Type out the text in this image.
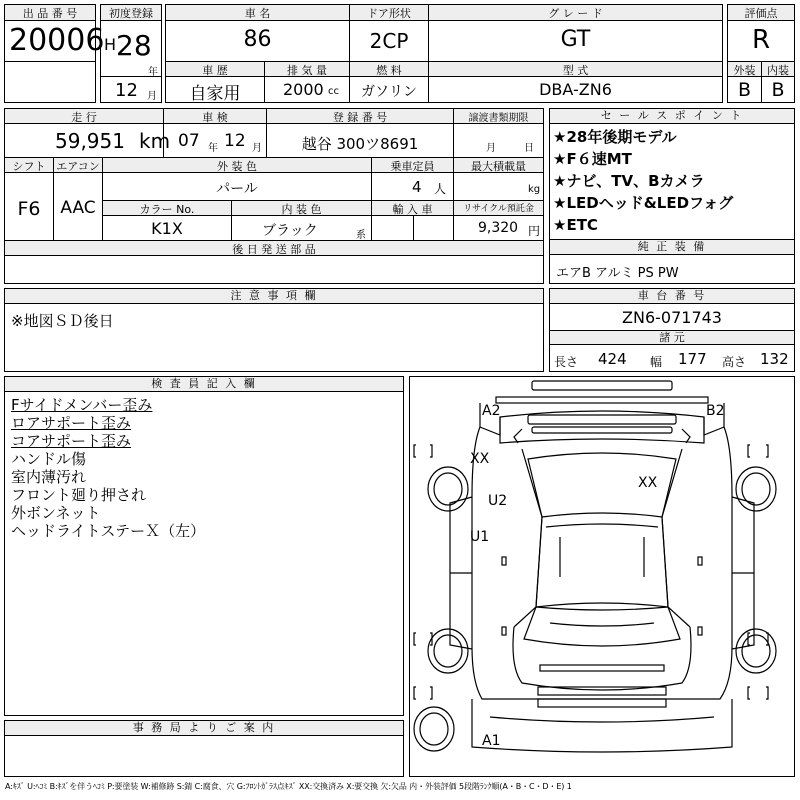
出 品 番 号
20006
初度登録
H 28
年
12 月
車 名
86
ドア形状
2CP
グ レ ー ド
GT
評価点
R
車 歴
自家用
排 気 量
2000 cc
燃 料
ガソリン
型 式
DBA-ZN6
外装
B
内装
B
走 行
59,951 km
車 検
07 年 12 月
登 録 番 号
越谷 300ツ8691
譲渡書類期限
月	日
シフト
F6
エアコン
AAC
外 装 色
パール
乗車定員
4 人
最大積載量
kg
カラー No.
K1X
内 装 色
ブラック	系
輸 入 車	リサイクル預託金
9,320 円
後 日 発 送 部 品
セ ー ル ス ポ イ ン ト
★28年後期モデル
★F６速MT
★ナビ、TV、Bカメラ
★LEDヘッド&LEDフォグ
★ETC
純 正 装 備
エアB アルミ PS PW
注 意 事 項 欄
※地図ＳＤ後日
車 台 番 号
ZN6-071743
諸 元
長さ 424 幅 177 高さ 132
検 査 員 記 入 欄
Fサイドメンバー歪み
ロアサポート歪み
コアサポート歪み
ハンドル傷
室内薄汚れ
フロント廻り押され
外ボンネット
ヘッドライトステーＸ（左）
事 務 局 よ り ご 案 内
A2	B2
XX
XX
U2
U1
A1
A:ｷｽﾞ U:ﾍｺﾐ B:ｷｽﾞを伴うﾍｺﾐ P:要塗装 W:補修跡 S:錆 C:腐食、穴 G:ﾌﾛﾝﾄｶﾞﾗｽ点ｷｽﾞ XX:交換済み X:要交換 欠:欠品 内・外装評価 5段階ﾗﾝｸ順(A・B・C・D・E) 1
